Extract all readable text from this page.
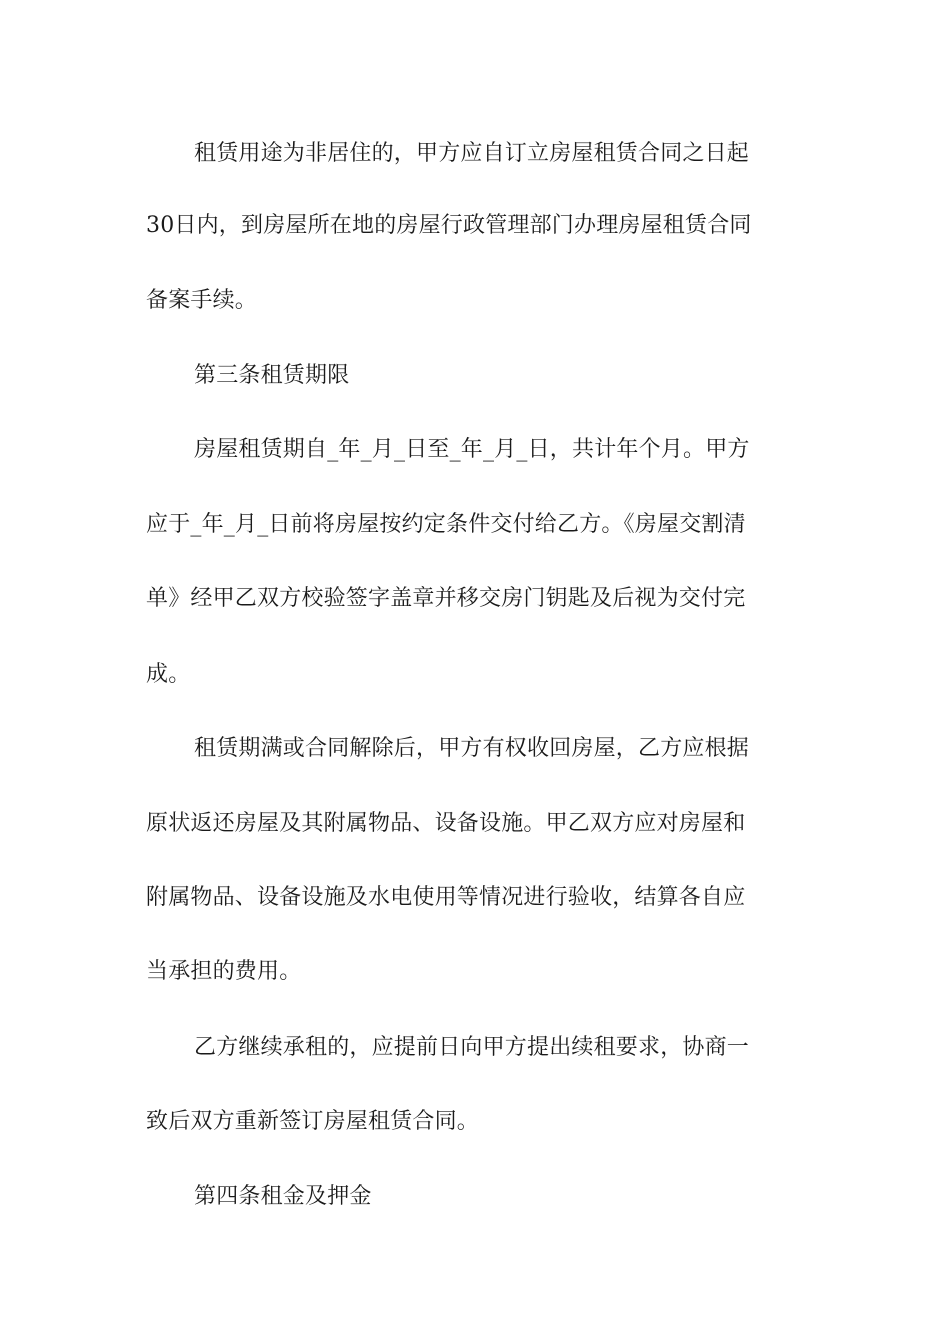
租赁用途为非居住的，甲方应自订立房屋租赁合同之日起

30日内，到房屋所在地的房屋行政管理部门办理房屋租赁合同

备案手续。

第三条租赁期限

房屋租赁期自_年_月_日至_年_月_日，共计年个月。甲方

应于_年_月_日前将房屋按约定条件交付给乙方。《房屋交割清

单》经甲乙双方校验签字盖章并移交房门钥匙及后视为交付完

成。

租赁期满或合同解除后，甲方有权收回房屋，乙方应根据

原状返还房屋及其附属物品、设备设施。甲乙双方应对房屋和

附属物品、设备设施及水电使用等情况进行验收，结算各自应

当承担的费用。

乙方继续承租的，应提前日向甲方提出续租要求，协商一

致后双方重新签订房屋租赁合同。

第四条租金及押金
